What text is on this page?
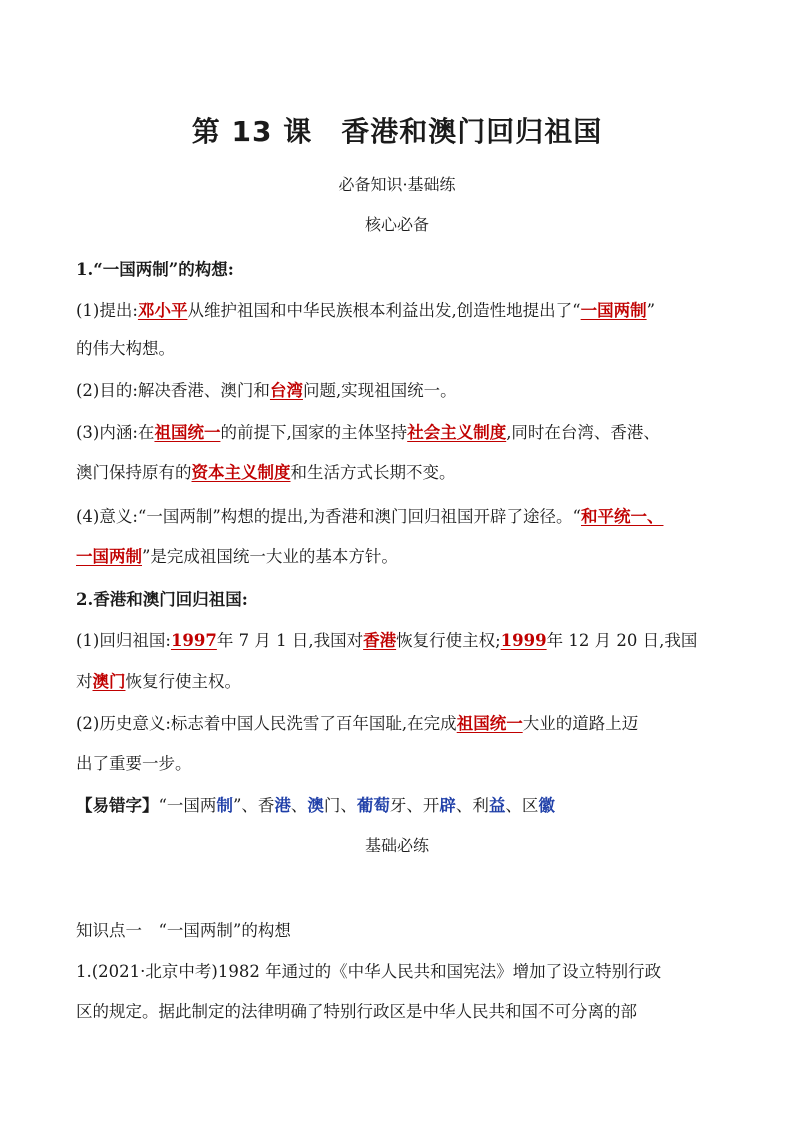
第 13 课　香港和澳门回归祖国
必备知识·基础练
核心必备
1.“一国两制”的构想:
(1)提出:邓小平从维护祖国和中华民族根本利益出发,创造性地提出了“一国两制”
的伟大构想。
(2)目的:解决香港、澳门和台湾问题,实现祖国统一。
(3)内涵:在祖国统一的前提下,国家的主体坚持社会主义制度,同时在台湾、香港、
澳门保持原有的资本主义制度和生活方式长期不变。
(4)意义:“一国两制”构想的提出,为香港和澳门回归祖国开辟了途径。“和平统一、
一国两制”是完成祖国统一大业的基本方针。
2.香港和澳门回归祖国:
(1)回归祖国:1997年 7 月 1 日,我国对香港恢复行使主权;1999年 12 月 20 日,我国
对澳门恢复行使主权。
(2)历史意义:标志着中国人民洗雪了百年国耻,在完成祖国统一大业的道路上迈
出了重要一步。
【易错字】“一国两制”、香港、澳门、葡萄牙、开辟、利益、区徽
基础必练
知识点一　“一国两制”的构想
1.(2021·北京中考)1982 年通过的《中华人民共和国宪法》增加了设立特别行政
区的规定。据此制定的法律明确了特别行政区是中华人民共和国不可分离的部
